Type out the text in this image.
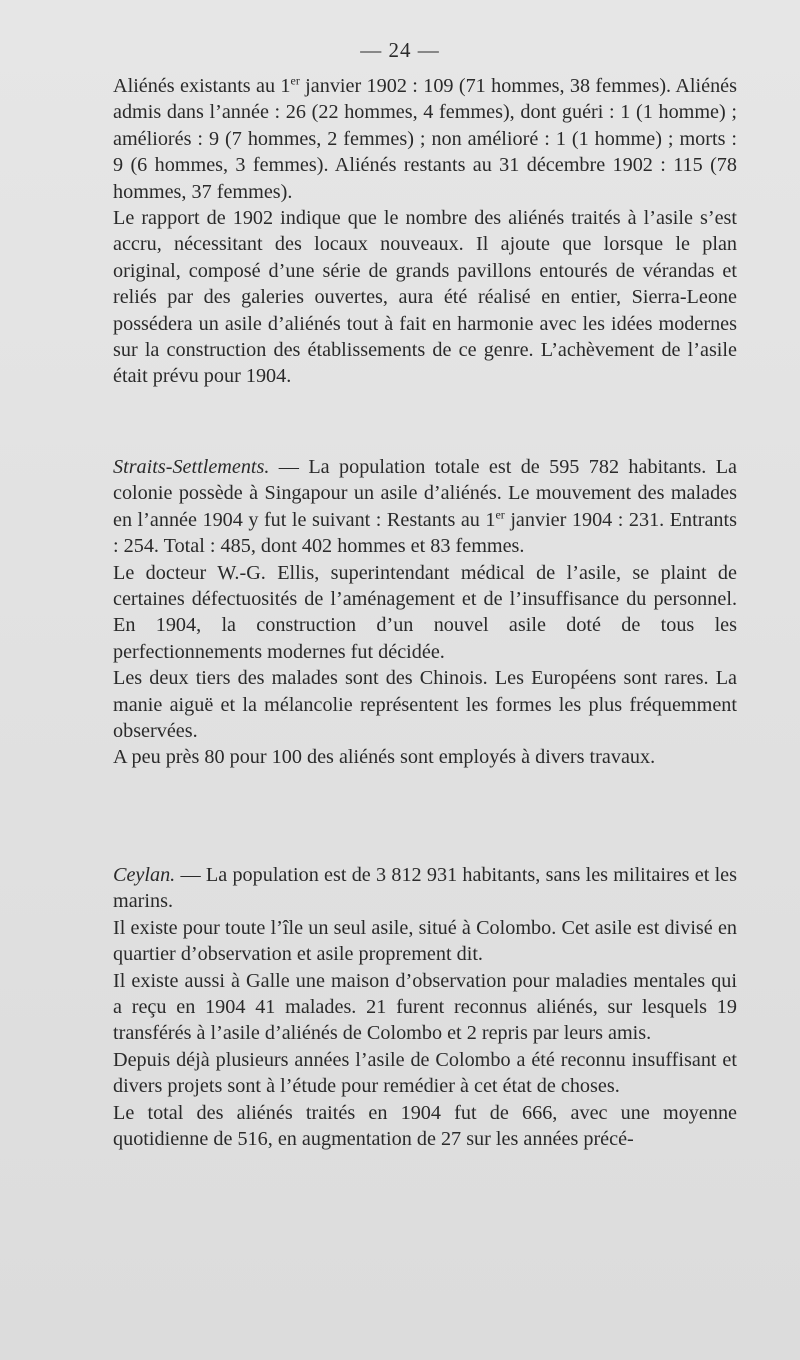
— 24 —

Aliénés existants au 1er janvier 1902 : 109 (71 hommes, 38 femmes). Aliénés admis dans l’année : 26 (22 hommes, 4 femmes), dont guéri : 1 (1 homme) ; améliorés : 9 (7 hommes, 2 femmes) ; non amélioré : 1 (1 homme) ; morts : 9 (6 hommes, 3 femmes). Aliénés restants au 31 décembre 1902 : 115 (78 hommes, 37 femmes).

Le rapport de 1902 indique que le nombre des aliénés traités à l’asile s’est accru, nécessitant des locaux nouveaux. Il ajoute que lorsque le plan original, composé d’une série de grands pavillons entourés de vérandas et reliés par des galeries ouvertes, aura été réalisé en entier, Sierra-Leone possédera un asile d’aliénés tout à fait en harmonie avec les idées modernes sur la construction des établissements de ce genre. L’achèvement de l’asile était prévu pour 1904.

Straits-Settlements. — La population totale est de 595 782 habitants. La colonie possède à Singapour un asile d’aliénés. Le mouvement des malades en l’année 1904 y fut le suivant : Restants au 1er janvier 1904 : 231. Entrants : 254. Total : 485, dont 402 hommes et 83 femmes.

Le docteur W.-G. Ellis, superintendant médical de l’asile, se plaint de certaines défectuosités de l’aménagement et de l’insuffisance du personnel. En 1904, la construction d’un nouvel asile doté de tous les perfectionnements modernes fut décidée.

Les deux tiers des malades sont des Chinois. Les Européens sont rares. La manie aiguë et la mélancolie représentent les formes les plus fréquemment observées.

A peu près 80 pour 100 des aliénés sont employés à divers travaux.

Ceylan. — La population est de 3 812 931 habitants, sans les militaires et les marins.

Il existe pour toute l’île un seul asile, situé à Colombo. Cet asile est divisé en quartier d’observation et asile proprement dit.

Il existe aussi à Galle une maison d’observation pour maladies mentales qui a reçu en 1904 41 malades. 21 furent reconnus aliénés, sur lesquels 19 transférés à l’asile d’aliénés de Colombo et 2 repris par leurs amis.

Depuis déjà plusieurs années l’asile de Colombo a été reconnu insuffisant et divers projets sont à l’étude pour remédier à cet état de choses.

Le total des aliénés traités en 1904 fut de 666, avec une moyenne quotidienne de 516, en augmentation de 27 sur les années précé-
